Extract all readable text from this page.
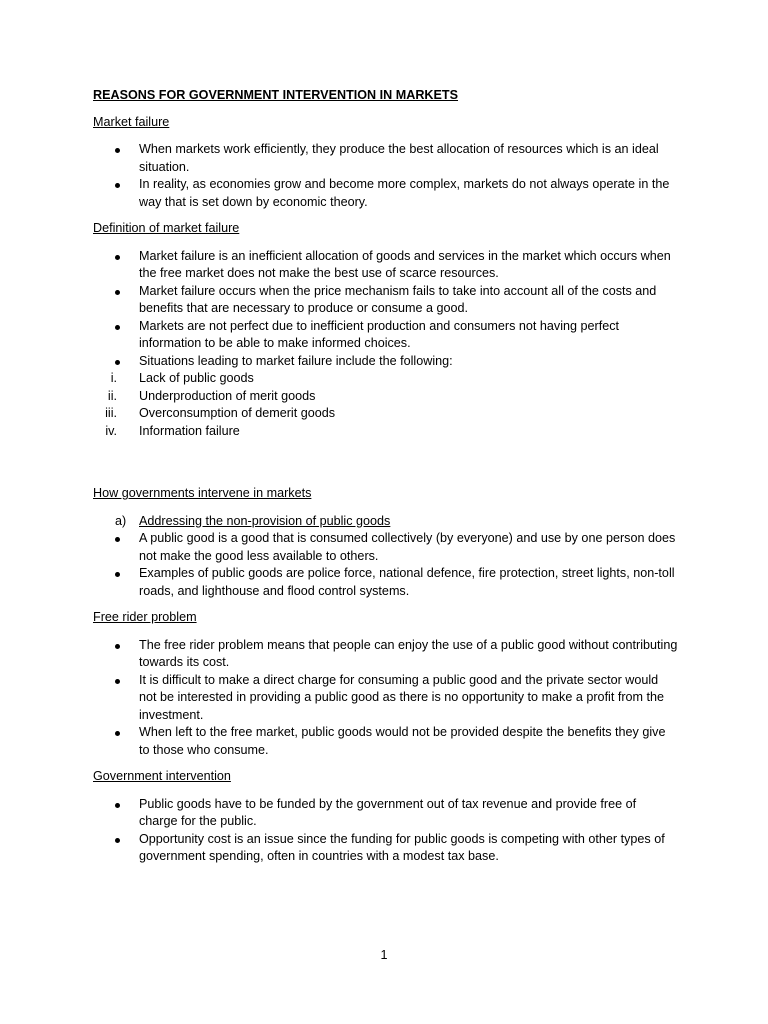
REASONS FOR GOVERNMENT INTERVENTION IN MARKETS
Market failure
When markets work efficiently, they produce the best allocation of resources which is an ideal situation.
In reality, as economies grow and become more complex, markets do not always operate in the way that is set down by economic theory.
Definition of market failure
Market failure is an inefficient allocation of goods and services in the market which occurs when the free market does not make the best use of scarce resources.
Market failure occurs when the price mechanism fails to take into account all of the costs and benefits that are necessary to produce or consume a good.
Markets are not perfect due to inefficient production and consumers not having perfect information to be able to make informed choices.
Situations leading to market failure include the following:
i. Lack of public goods
ii. Underproduction of merit goods
iii. Overconsumption of demerit goods
iv. Information failure
How governments intervene in markets
a) Addressing the non-provision of public goods
A public good is a good that is consumed collectively (by everyone) and use by one person does not make the good less available to others.
Examples of public goods are police force, national defence, fire protection, street lights, non-toll roads, and lighthouse and flood control systems.
Free rider problem
The free rider problem means that people can enjoy the use of a public good without contributing towards its cost.
It is difficult to make a direct charge for consuming a public good and the private sector would not be interested in providing a public good as there is no opportunity to make a profit from the investment.
When left to the free market, public goods would not be provided despite the benefits they give to those who consume.
Government intervention
Public goods have to be funded by the government out of tax revenue and provide free of charge for the public.
Opportunity cost is an issue since the funding for public goods is competing with other types of government spending, often in countries with a modest tax base.
1
